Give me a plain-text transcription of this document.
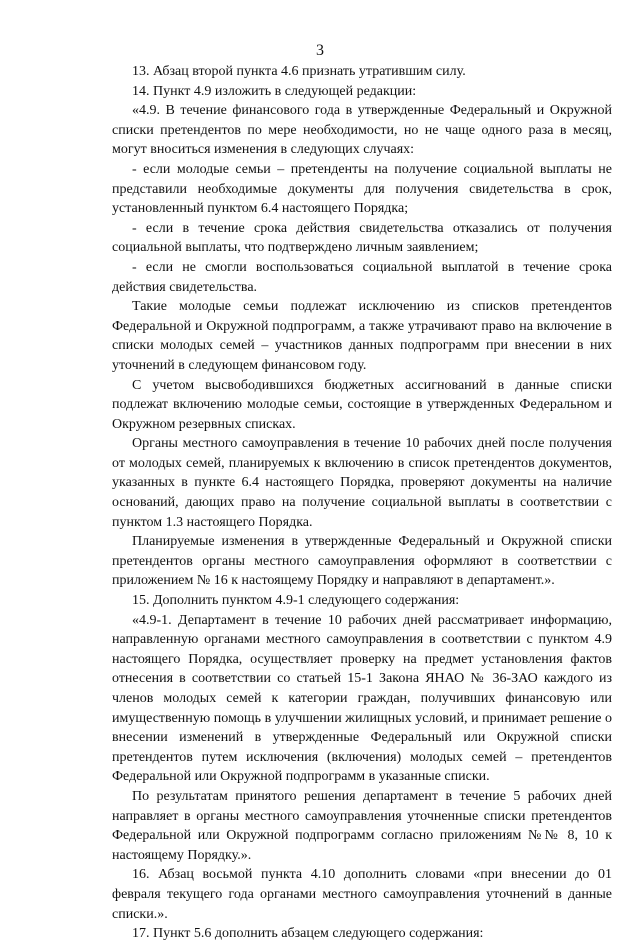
3

13. Абзац второй пункта 4.6 признать утратившим силу.

14. Пункт 4.9 изложить в следующей редакции:

«4.9. В течение финансового года в утвержденные Федеральный и Окружной списки претендентов по мере необходимости, но не чаще одного раза в месяц, могут вноситься изменения в следующих случаях:

- если молодые семьи – претенденты на получение социальной выплаты не представили необходимые документы для получения свидетельства в срок, установленный пунктом 6.4 настоящего Порядка;

- если в течение срока действия свидетельства отказались от получения социальной выплаты, что подтверждено личным заявлением;

- если не смогли воспользоваться социальной выплатой в течение срока действия свидетельства.

Такие молодые семьи подлежат исключению из списков претендентов Федеральной и Окружной подпрограмм, а также утрачивают право на включение в списки молодых семей – участников данных подпрограмм при внесении в них уточнений в следующем финансовом году.

С учетом высвободившихся бюджетных ассигнований в данные списки подлежат включению молодые семьи, состоящие в утвержденных Федеральном и Окружном резервных списках.

Органы местного самоуправления в течение 10 рабочих дней после получения от молодых семей, планируемых к включению в список претендентов документов, указанных в пункте 6.4 настоящего Порядка, проверяют документы на наличие оснований, дающих право на получение социальной выплаты в соответствии с пунктом 1.3 настоящего Порядка.

Планируемые изменения в утвержденные Федеральный и Окружной списки претендентов органы местного самоуправления оформляют в соответствии с приложением № 16 к настоящему Порядку и направляют в департамент.».

15. Дополнить пунктом 4.9-1 следующего содержания:

«4.9-1. Департамент в течение 10 рабочих дней рассматривает информацию, направленную органами местного самоуправления в соответствии с пунктом 4.9 настоящего Порядка, осуществляет проверку на предмет установления фактов отнесения в соответствии со статьей 15-1 Закона ЯНАО № 36-ЗАО каждого из членов молодых семей к категории граждан, получивших финансовую или имущественную помощь в улучшении жилищных условий, и принимает решение о внесении изменений в утвержденные Федеральный или Окружной списки претендентов путем исключения (включения) молодых семей – претендентов Федеральной или Окружной подпрограмм в указанные списки.

По результатам принятого решения департамент в течение 5 рабочих дней направляет в органы местного самоуправления уточненные списки претендентов Федеральной или Окружной подпрограмм согласно приложениям №№ 8, 10 к настоящему Порядку.».

16. Абзац восьмой пункта 4.10 дополнить словами «при внесении до 01 февраля текущего года органами местного самоуправления уточнений в данные списки.».

17. Пункт 5.6 дополнить абзацем следующего содержания:
